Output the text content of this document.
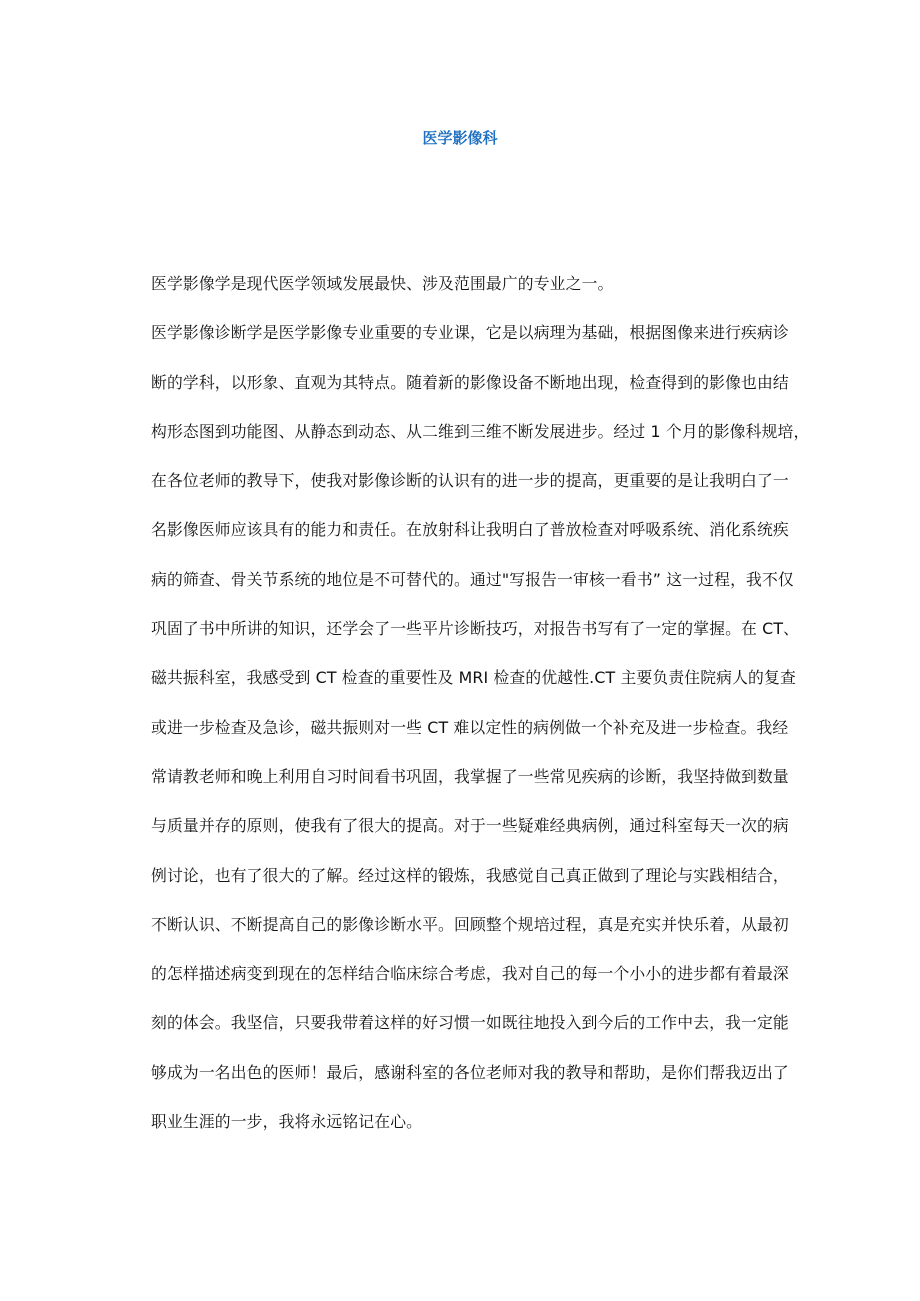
医学影像科
医学影像学是现代医学领域发展最快、涉及范围最广的专业之一。
医学影像诊断学是医学影像专业重要的专业课，它是以病理为基础，根据图像来进行疾病诊
断的学科，以形象、直观为其特点。随着新的影像设备不断地出现，检查得到的影像也由结
构形态图到功能图、从静态到动态、从二维到三维不断发展进步。经过 1 个月的影像科规培，
在各位老师的教导下，使我对影像诊断的认识有的进一步的提高，更重要的是让我明白了一
名影像医师应该具有的能力和责任。在放射科让我明白了普放检查对呼吸系统、消化系统疾
病的筛查、骨关节系统的地位是不可替代的。通过"写报告一审核一看书” 这一过程，我不仅
巩固了书中所讲的知识，还学会了一些平片诊断技巧，对报告书写有了一定的掌握。在 CT、
磁共振科室，我感受到 CT 检查的重要性及 MRI 检查的优越性.CT 主要负责住院病人的复查
或进一步检查及急诊，磁共振则对一些 CT 难以定性的病例做一个补充及进一步检查。我经
常请教老师和晚上利用自习时间看书巩固，我掌握了一些常见疾病的诊断，我坚持做到数量
与质量并存的原则，使我有了很大的提高。对于一些疑难经典病例，通过科室每天一次的病
例讨论，也有了很大的了解。经过这样的锻炼，我感觉自己真正做到了理论与实践相结合，
不断认识、不断提高自己的影像诊断水平。回顾整个规培过程，真是充实并快乐着，从最初
的怎样描述病变到现在的怎样结合临床综合考虑，我对自己的每一个小小的进步都有着最深
刻的体会。我坚信，只要我带着这样的好习惯一如既往地投入到今后的工作中去，我一定能
够成为一名出色的医师！最后，感谢科室的各位老师对我的教导和帮助，是你们帮我迈出了
职业生涯的一步，我将永远铭记在心。
